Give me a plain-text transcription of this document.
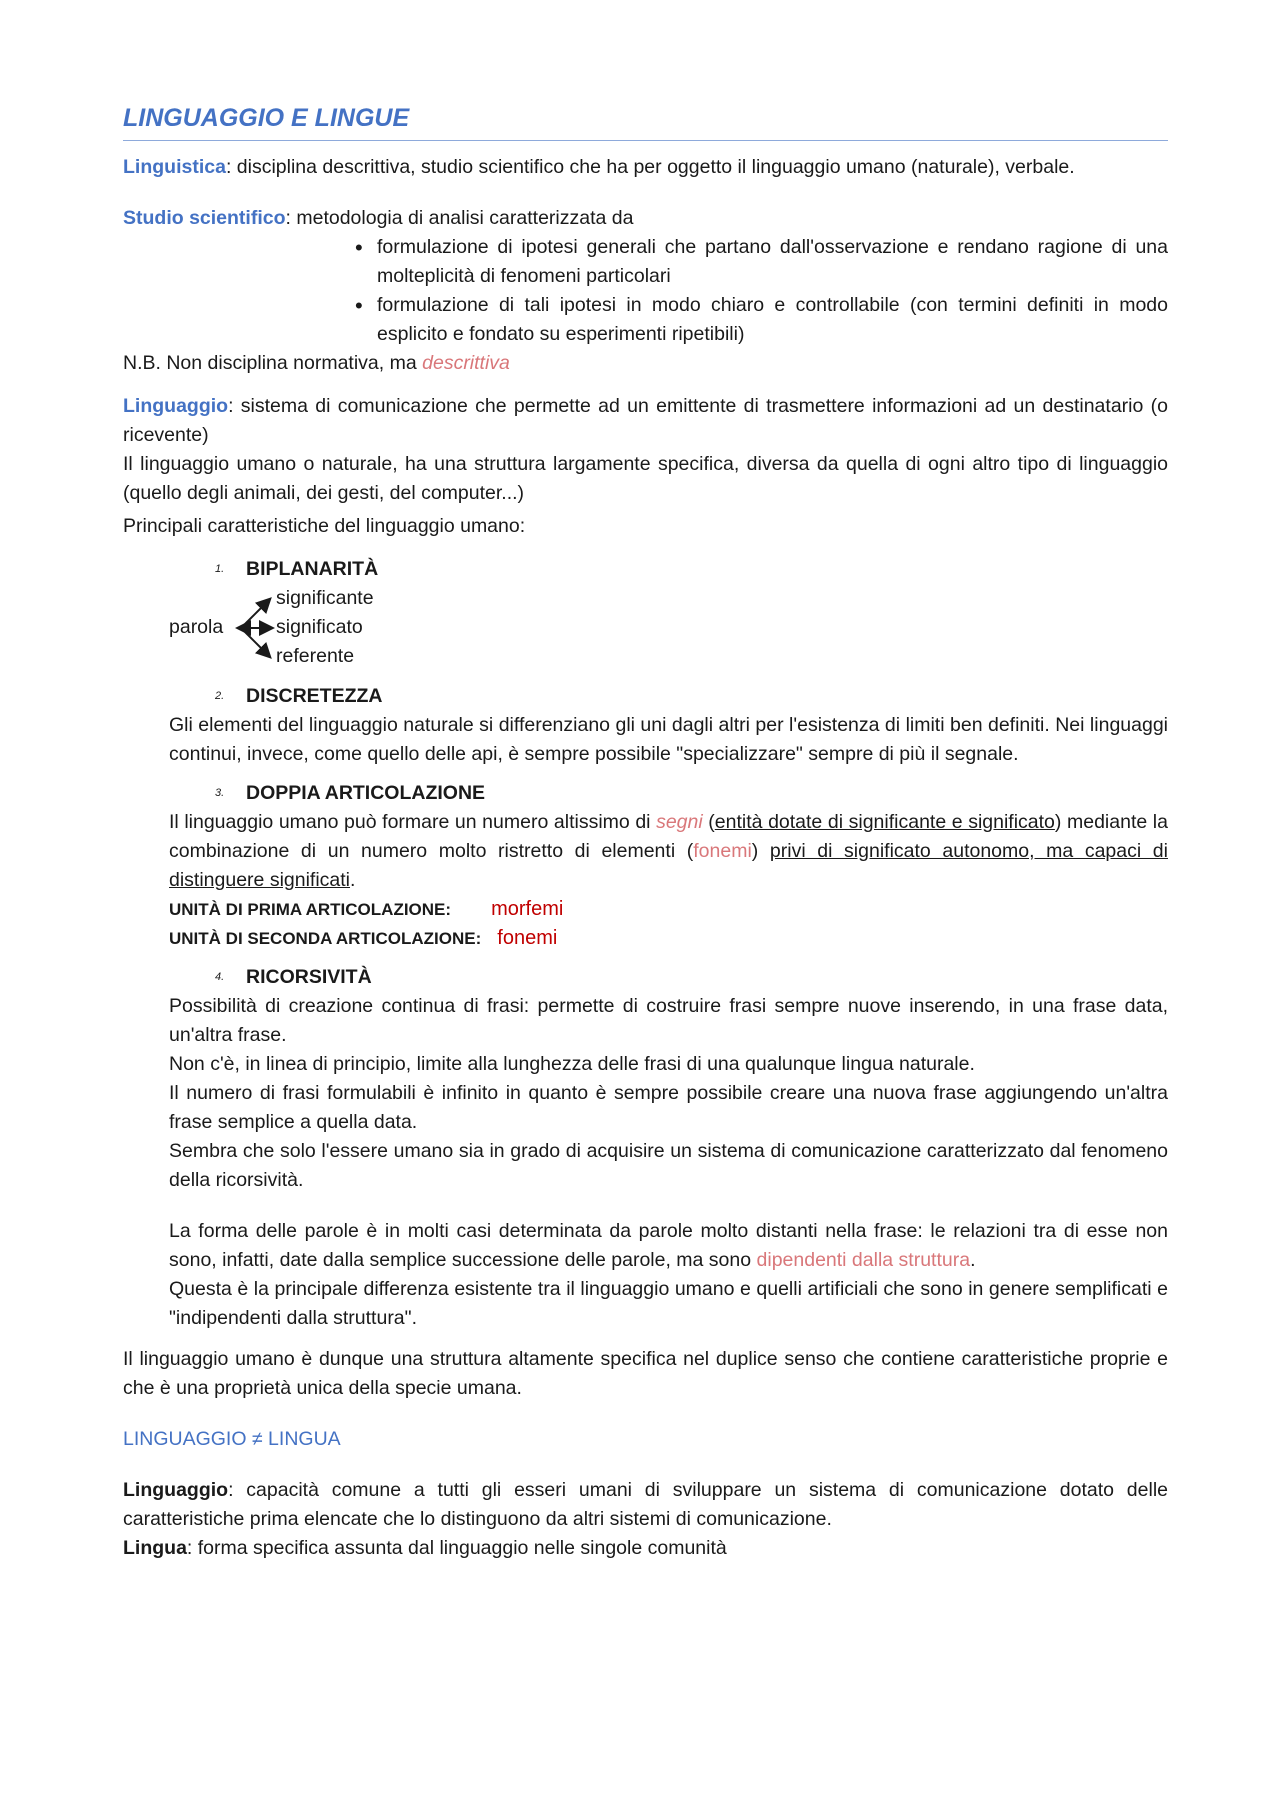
LINGUAGGIO E LINGUE

Linguistica: disciplina descrittiva, studio scientifico che ha per oggetto il linguaggio umano (naturale), verbale.

Studio scientifico: metodologia di analisi caratterizzata da

• formulazione di ipotesi generali che partano dall'osservazione e rendano ragione di una molteplicità di fenomeni particolari
• formulazione di tali ipotesi in modo chiaro e controllabile (con termini definiti in modo esplicito e fondato su esperimenti ripetibili)

N.B. Non disciplina normativa, ma descrittiva

Linguaggio: sistema di comunicazione che permette ad un emittente di trasmettere informazioni ad un destinatario (o ricevente)

Il linguaggio umano o naturale, ha una struttura largamente specifica, diversa da quella di ogni altro tipo di linguaggio (quello degli animali, dei gesti, del computer...)

Principali caratteristiche del linguaggio umano:

1. BIPLANARITÀ

parola
significante
significato
referente

2. DISCRETEZZA

Gli elementi del linguaggio naturale si differenziano gli uni dagli altri per l'esistenza di limiti ben definiti. Nei linguaggi continui, invece, come quello delle api, è sempre possibile "specializzare" sempre di più il segnale.

3. DOPPIA ARTICOLAZIONE

Il linguaggio umano può formare un numero altissimo di segni (entità dotate di significante e significato) mediante la combinazione di un numero molto ristretto di elementi (fonemi) privi di significato autonomo, ma capaci di distinguere significati.

UNITÀ DI PRIMA ARTICOLAZIONE: morfemi

UNITÀ DI SECONDA ARTICOLAZIONE: fonemi

4. RICORSIVITÀ

Possibilità di creazione continua di frasi: permette di costruire frasi sempre nuove inserendo, in una frase data, un'altra frase.

Non c'è, in linea di principio, limite alla lunghezza delle frasi di una qualunque lingua naturale.

Il numero di frasi formulabili è infinito in quanto è sempre possibile creare una nuova frase aggiungendo un'altra frase semplice a quella data.

Sembra che solo l'essere umano sia in grado di acquisire un sistema di comunicazione caratterizzato dal fenomeno della ricorsività.

La forma delle parole è in molti casi determinata da parole molto distanti nella frase: le relazioni tra di esse non sono, infatti, date dalla semplice successione delle parole, ma sono dipendenti dalla struttura.

Questa è la principale differenza esistente tra il linguaggio umano e quelli artificiali che sono in genere semplificati e "indipendenti dalla struttura".

Il linguaggio umano è dunque una struttura altamente specifica nel duplice senso che contiene caratteristiche proprie e che è una proprietà unica della specie umana.

LINGUAGGIO ≠ LINGUA

Linguaggio: capacità comune a tutti gli esseri umani di sviluppare un sistema di comunicazione dotato delle caratteristiche prima elencate che lo distinguono da altri sistemi di comunicazione.

Lingua: forma specifica assunta dal linguaggio nelle singole comunità
